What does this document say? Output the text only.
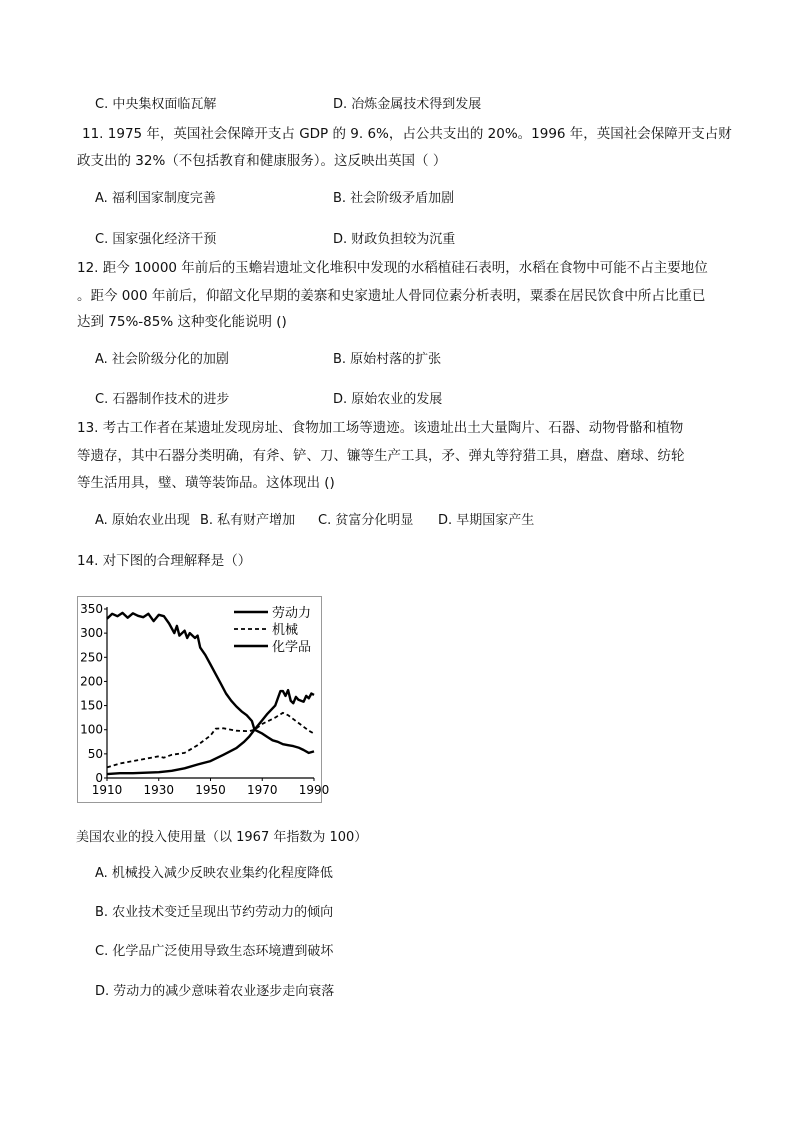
C. 中央集权面临瓦解	D. 冶炼金属技术得到发展
11. 1975 年，英国社会保障开支占 GDP 的 9. 6%，占公共支出的 20%。1996 年，英国社会保障开支占财
政支出的 32%（不包括教育和健康服务）。这反映出英国（ ）
A. 福利国家制度完善	B. 社会阶级矛盾加剧
C. 国家强化经济干预	D. 财政负担较为沉重
12. 距今 10000 年前后的玉蟾岩遗址文化堆积中发现的水稻植硅石表明，水稻在食物中可能不占主要地位
。距今 000 年前后，仰韶文化早期的姜寨和史家遗址人骨同位素分析表明，粟黍在居民饮食中所占比重已
达到 75%-85% 这种变化能说明 ()
A. 社会阶级分化的加剧	B. 原始村落的扩张
C. 石器制作技术的进步	D. 原始农业的发展
13. 考古工作者在某遗址发现房址、食物加工场等遗迹。该遗址出土大量陶片、石器、动物骨骼和植物
等遗存，其中石器分类明确，有斧、铲、刀、镰等生产工具，矛、弹丸等狩猎工具，磨盘、磨球、纺轮
等生活用具，璧、璜等装饰品。这体现出 ()
A. 原始农业出现 B. 私有财产增加 C. 贫富分化明显 D. 早期国家产生
14. 对下图的合理解释是（）
0
50
100
150
200
250
300
350
1910 1930 1950 1970 1990
劳动力
机械
化学品
美国农业的投入使用量（以 1967 年指数为 100）
A. 机械投入减少反映农业集约化程度降低
B. 农业技术变迁呈现出节约劳动力的倾向
C. 化学品广泛使用导致生态环境遭到破坏
D. 劳动力的减少意味着农业逐步走向衰落
